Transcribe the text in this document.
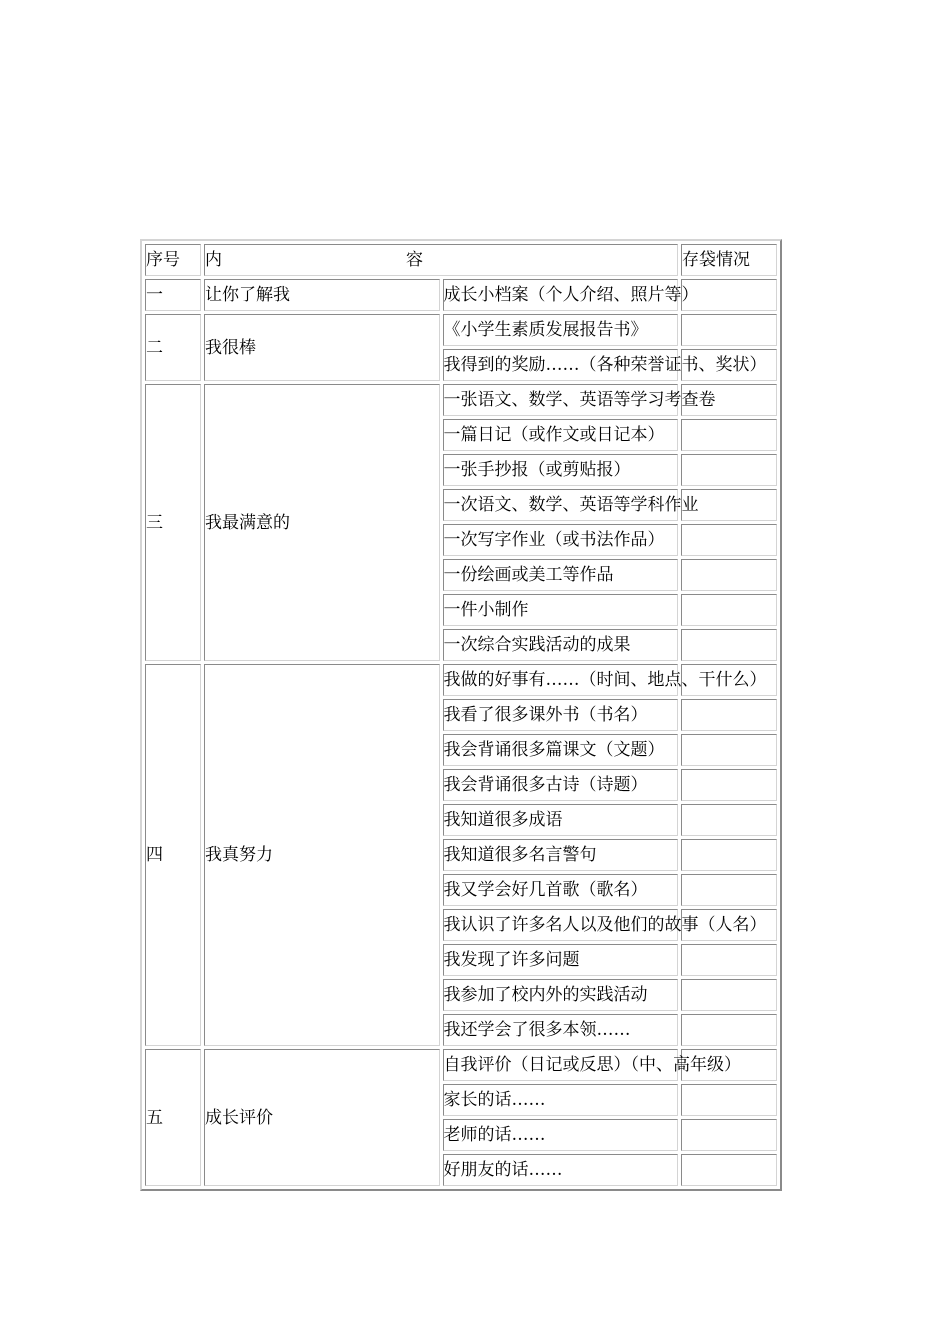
序号	内 容		存袋情况
一	让你了解我	成长小档案（个人介绍、照片等）	
二	我很棒	《小学生素质发展报告书》	
		我得到的奖励……（各种荣誉证书、奖状）	
三	我最满意的	一张语文、数学、英语等学习考查卷	
		一篇日记（或作文或日记本）	
		一张手抄报（或剪贴报）	
		一次语文、数学、英语等学科作业	
		一次写字作业（或书法作品）	
		一份绘画或美工等作品	
		一件小制作	
		一次综合实践活动的成果	
四	我真努力	我做的好事有……（时间、地点、干什么）	
		我看了很多课外书（书名）	
		我会背诵很多篇课文（文题）	
		我会背诵很多古诗（诗题）	
		我知道很多成语	
		我知道很多名言警句	
		我又学会好几首歌（歌名）	
		我认识了许多名人以及他们的故事（人名）	
		我发现了许多问题	
		我参加了校内外的实践活动	
		我还学会了很多本领……	
五	成长评价	自我评价（日记或反思）（中、高年级）	
		家长的话……	
		老师的话……	
		好朋友的话……	
